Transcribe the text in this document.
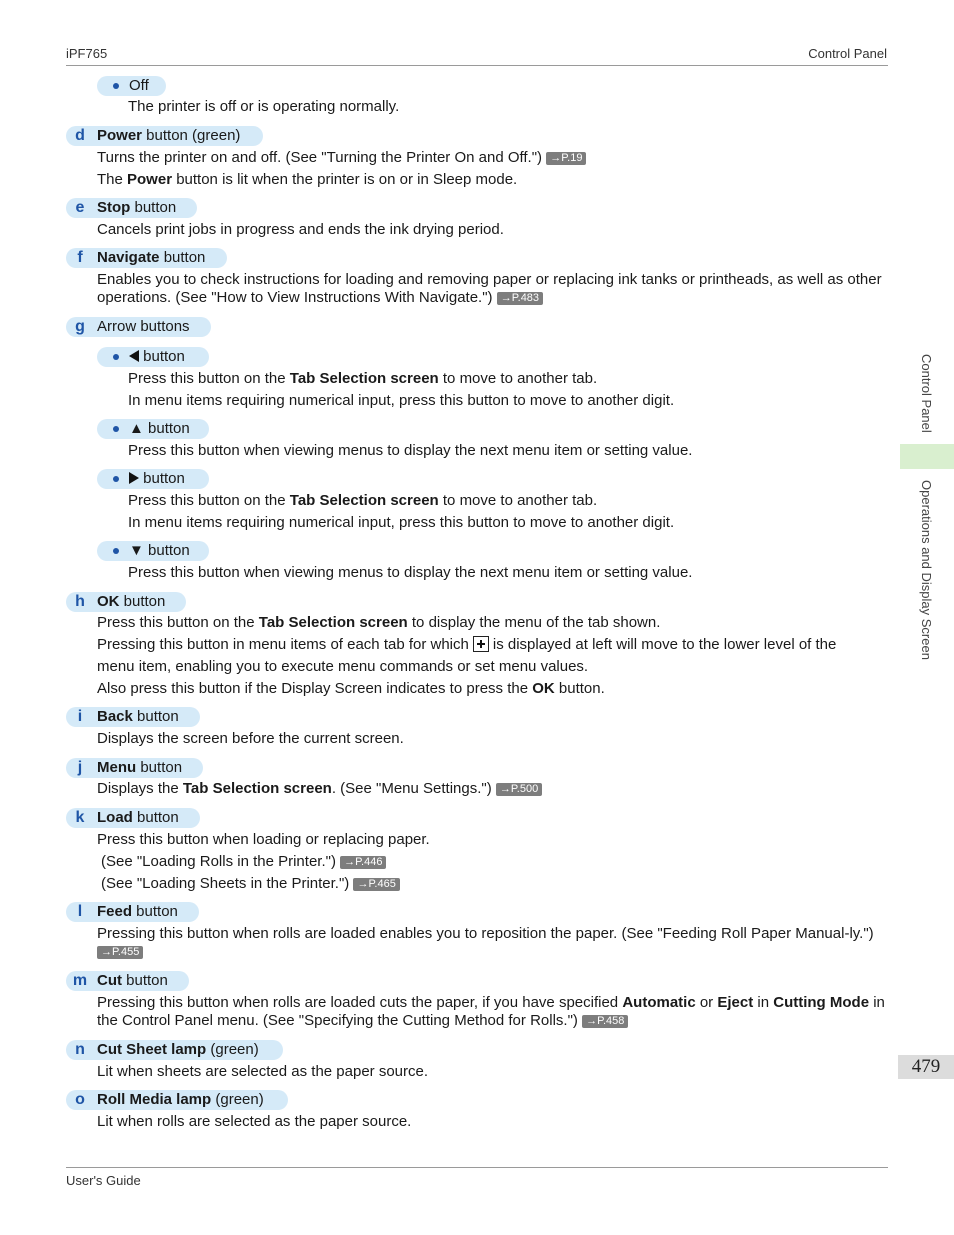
iPF765	Control Panel
Control Panel
Operations and Display Screen
479
Off
The printer is off or is operating normally.
d Power button (green)
Turns the printer on and off. (See "Turning the Printer On and Off.") →P.19
The Power button is lit when the printer is on or in Sleep mode.
e Stop button
Cancels print jobs in progress and ends the ink drying period.
f Navigate button
Enables you to check instructions for loading and removing paper or replacing ink tanks or printheads, as well as other operations. (See "How to View Instructions With Navigate.") →P.483
g Arrow buttons
button
Press this button on the Tab Selection screen to move to another tab.
In menu items requiring numerical input, press this button to move to another digit.
▲ button
Press this button when viewing menus to display the next menu item or setting value.
button
Press this button on the Tab Selection screen to move to another tab.
In menu items requiring numerical input, press this button to move to another digit.
▼ button
Press this button when viewing menus to display the next menu item or setting value.
h OK button
Press this button on the Tab Selection screen to display the menu of the tab shown.
Pressing this button in menu items of each tab for which is displayed at left will move to the lower level of the
menu item, enabling you to execute menu commands or set menu values.
Also press this button if the Display Screen indicates to press the OK button.
i Back button
Displays the screen before the current screen.
j Menu button
Displays the Tab Selection screen. (See "Menu Settings.") →P.500
k Load button
Press this button when loading or replacing paper.
(See "Loading Rolls in the Printer.") →P.446
(See "Loading Sheets in the Printer.") →P.465
l Feed button
Pressing this button when rolls are loaded enables you to reposition the paper. (See "Feeding Roll Paper Manual-ly.") →P.455
m Cut button
Pressing this button when rolls are loaded cuts the paper, if you have specified Automatic or Eject in Cutting Mode in the Control Panel menu. (See "Specifying the Cutting Method for Rolls.") →P.458
n Cut Sheet lamp (green)
Lit when sheets are selected as the paper source.
o Roll Media lamp (green)
Lit when rolls are selected as the paper source.
User's Guide
